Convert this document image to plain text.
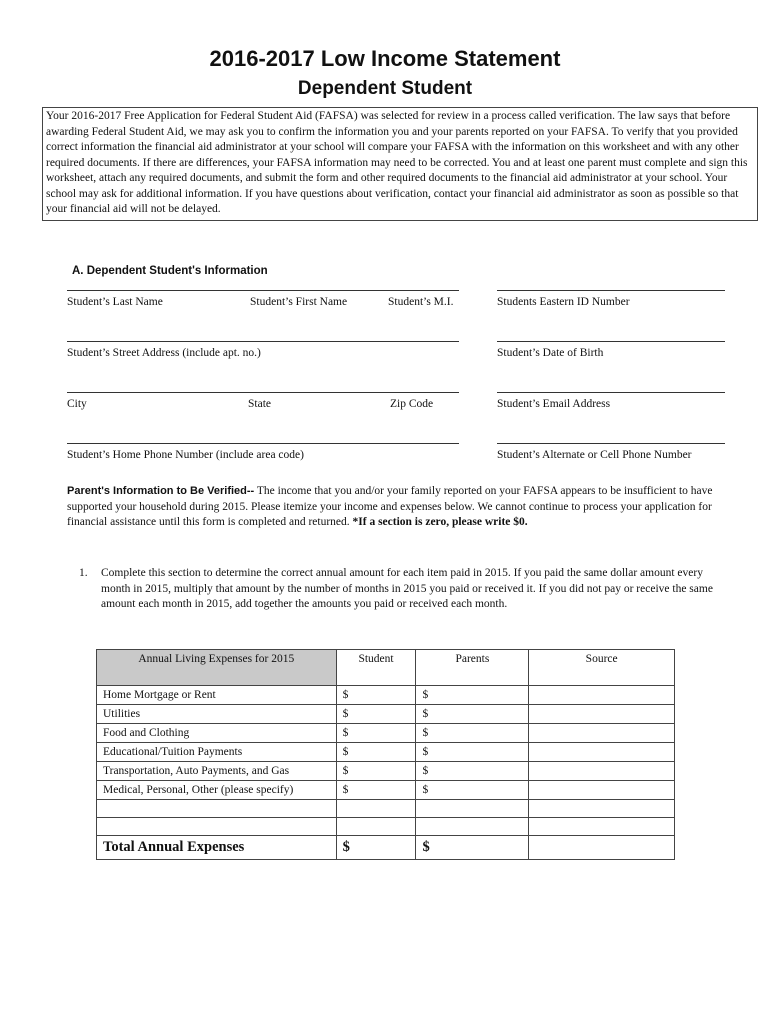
2016-2017 Low Income Statement
Dependent Student
Your 2016-2017 Free Application for Federal Student Aid (FAFSA) was selected for review in a process called verification. The law says that before awarding Federal Student Aid, we may ask you to confirm the information you and your parents reported on your FAFSA. To verify that you provided correct information the financial aid administrator at your school will compare your FAFSA with the information on this worksheet and with any other required documents. If there are differences, your FAFSA information may need to be corrected. You and at least one parent must complete and sign this worksheet, attach any required documents, and submit the form and other required documents to the financial aid administrator at your school. Your school may ask for additional information. If you have questions about verification, contact your financial aid administrator as soon as possible so that your financial aid will not be delayed.
A. Dependent Student's Information
Student’s Last Name	Student’s First Name	Student’s M.I.	Students Eastern ID Number
Student’s Street Address (include apt. no.)	Student’s Date of Birth
City	State	Zip Code	Student’s Email Address
Student’s Home Phone Number (include area code)	Student’s Alternate or Cell Phone Number
Parent's Information to Be Verified-- The income that you and/or your family reported on your FAFSA appears to be insufficient to have supported your household during 2015. Please itemize your income and expenses below. We cannot continue to process your application for financial assistance until this form is completed and returned. *If a section is zero, please write $0.
1. Complete this section to determine the correct annual amount for each item paid in 2015. If you paid the same dollar amount every month in 2015, multiply that amount by the number of months in 2015 you paid or received it. If you did not pay or receive the same amount each month in 2015, add together the amounts you paid or received each month.
Annual Living Expenses for 2015	Student	Parents	Source
Home Mortgage or Rent	$	$	
Utilities	$	$	
Food and Clothing	$	$	
Educational/Tuition Payments	$	$	
Transportation, Auto Payments, and Gas	$	$	
Medical, Personal, Other (please specify)	$	$	

Total Annual Expenses	$	$	
